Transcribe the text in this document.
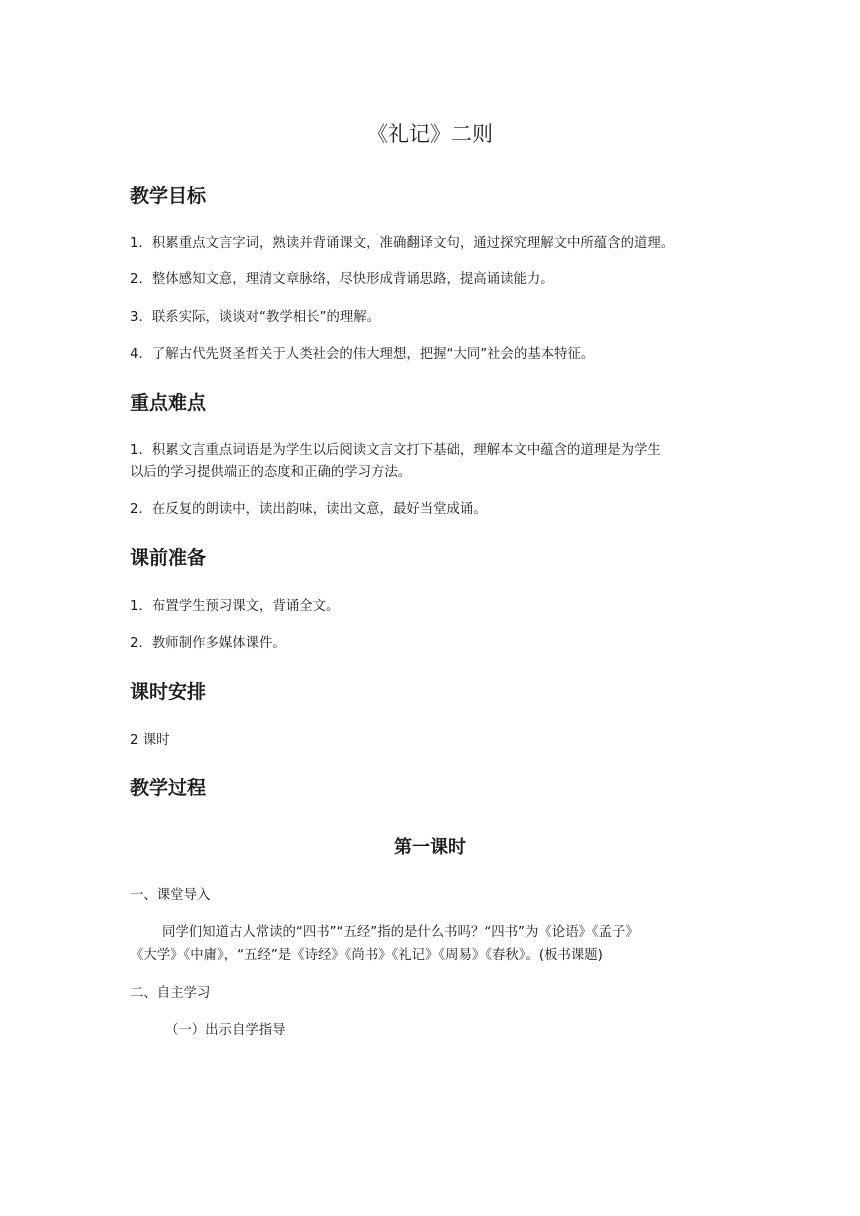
《礼记》二则
教学目标

1．积累重点文言字词，熟读并背诵课文，准确翻译文句，通过探究理解文中所蕴含的道理。

2．整体感知文意，理清文章脉络，尽快形成背诵思路，提高诵读能力。

3．联系实际，谈谈对“教学相长”的理解。

4．了解古代先贤圣哲关于人类社会的伟大理想，把握“大同”社会的基本特征。

重点难点

1．积累文言重点词语是为学生以后阅读文言文打下基础，理解本文中蕴含的道理是为学生

以后的学习提供端正的态度和正确的学习方法。

2．在反复的朗读中，读出韵味，读出文意，最好当堂成诵。

课前准备

1．布置学生预习课文，背诵全文。

2．教师制作多媒体课件。

课时安排

2 课时

教学过程
第一课时

一、课堂导入

同学们知道古人常读的“四书”“五经”指的是什么书吗？“四书”为《论语》《孟子》

《大学》《中庸》，“五经”是《诗经》《尚书》《礼记》《周易》《春秋》。(板书课题)

二、自主学习

（一）出示自学指导
